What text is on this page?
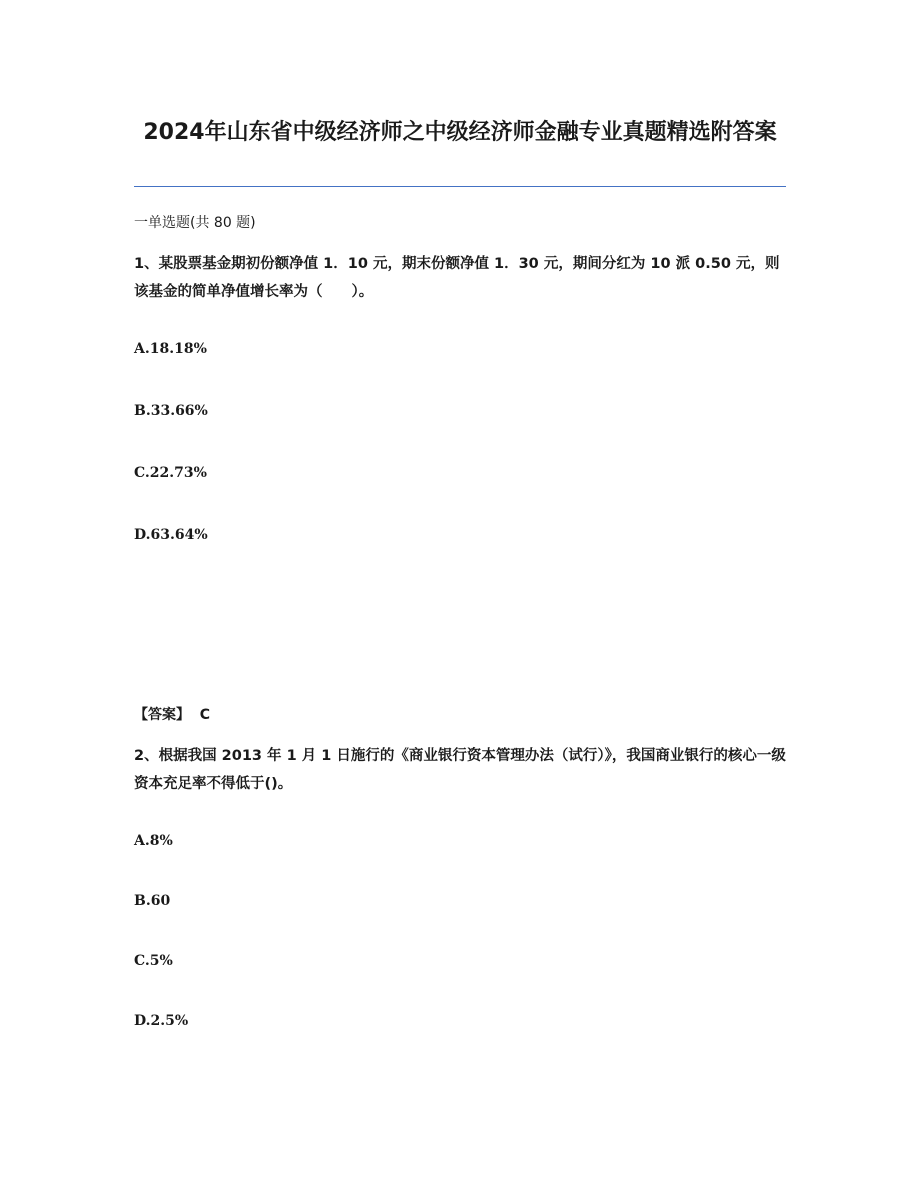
2024年山东省中级经济师之中级经济师金融专业真题精选附答案
一单选题(共 80 题)
1、某股票基金期初份额净值 1．10 元，期末份额净值 1．30 元，期间分红为 10 派 0.50 元，则该基金的简单净值增长率为（　　）。
A.18.18%
B.33.66%
C.22.73%
D.63.64%
【答案】 C
2、根据我国 2013 年 1 月 1 日施行的《商业银行资本管理办法（试行）》，我国商业银行的核心一级资本充足率不得低于()。
A.8%
B.60
C.5%
D.2.5%
